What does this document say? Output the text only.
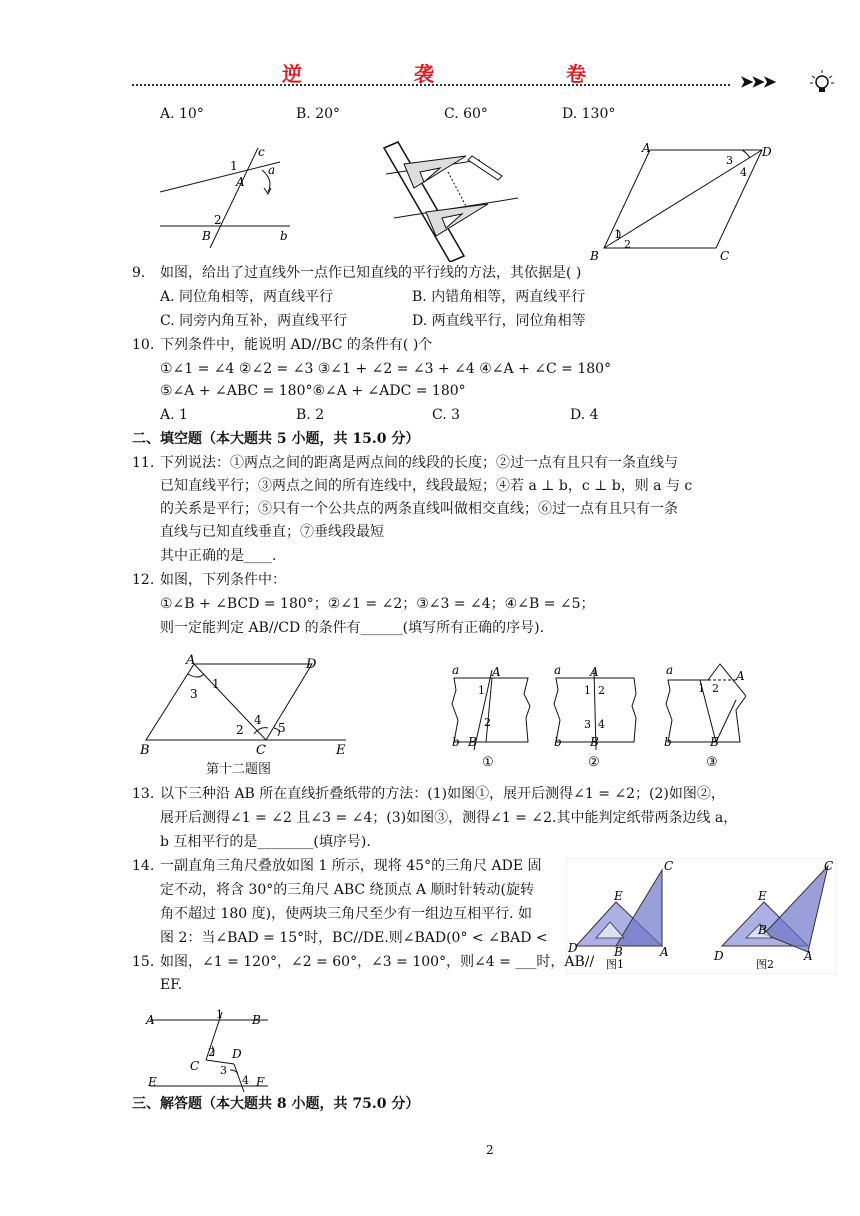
逆	袭	卷	➤➤➤
A. 10°	B. 20°	C. 60°	D. 130°
c
a
b
1
A
2
B
A	D
B	C
1
2
3
4
9. 如图，给出了过直线外一点作已知直线的平行线的方法，其依据是( )
A. 同位角相等，两直线平行	B. 内错角相等，两直线平行
C. 同旁内角互补，两直线平行	D. 两直线平行，同位角相等
10. 下列条件中，能说明 AD//BC 的条件有( )个
①∠1 = ∠4 ②∠2 = ∠3 ③∠1 + ∠2 = ∠3 + ∠4 ④∠A + ∠C = 180°
⑤∠A + ∠ABC = 180°⑥∠A + ∠ADC = 180°
A. 1	B. 2	C. 3	D. 4
二、填空题（本大题共 5 小题，共 15.0 分）
11. 下列说法：①两点之间的距离是两点间的线段的长度；②过一点有且只有一条直线与
已知直线平行；③两点之间的所有连线中，线段最短；④若 a ⊥ b，c ⊥ b，则 a 与 c
的关系是平行；⑤只有一个公共点的两条直线叫做相交直线；⑥过一点有且只有一条
直线与已知直线垂直；⑦垂线段最短
其中正确的是____.
12. 如图，下列条件中：
①∠B + ∠BCD = 180°；②∠1 = ∠2；③∠3 = ∠4；④∠B = ∠5；
则一定能判定 AB//CD 的条件有______(填写所有正确的序号).
A	D
B	C	E
1
3
2
4
5
第十二题图
a	A
b B
1
2
①
a A
b B
1 2
3 4
②
a	A
b	B
1 2
③
13. 以下三种沿 AB 所在直线折叠纸带的方法：(1)如图①，展开后测得∠1 = ∠2；(2)如图②，
展开后测得∠1 = ∠2 且∠3 = ∠4；(3)如图③，测得∠1 = ∠2.其中能判定纸带两条边线 a，
b 互相平行的是________(填序号).
14. 一副直角三角尺叠放如图 1 所示，现将 45°的三角尺 ADE 固
定不动，将含 30°的三角尺 ABC 绕顶点 A 顺时针转动(旋转
角不超过 180 度)，使两块三角尺至少有一组边互相平行. 如
图 2：当∠BAD = 15°时，BC//DE.则∠BAD(0° < ∠BAD <
C
E
B	A
D
图1
C
E
B
A
D
图2
15. 如图，∠1 = 120°，∠2 = 60°，∠3 = 100°，则∠4 = ___时，AB//
EF.
A	B
C
D
E	F
1
2
3
4
三、解答题（本大题共 8 小题，共 75.0 分）
2
